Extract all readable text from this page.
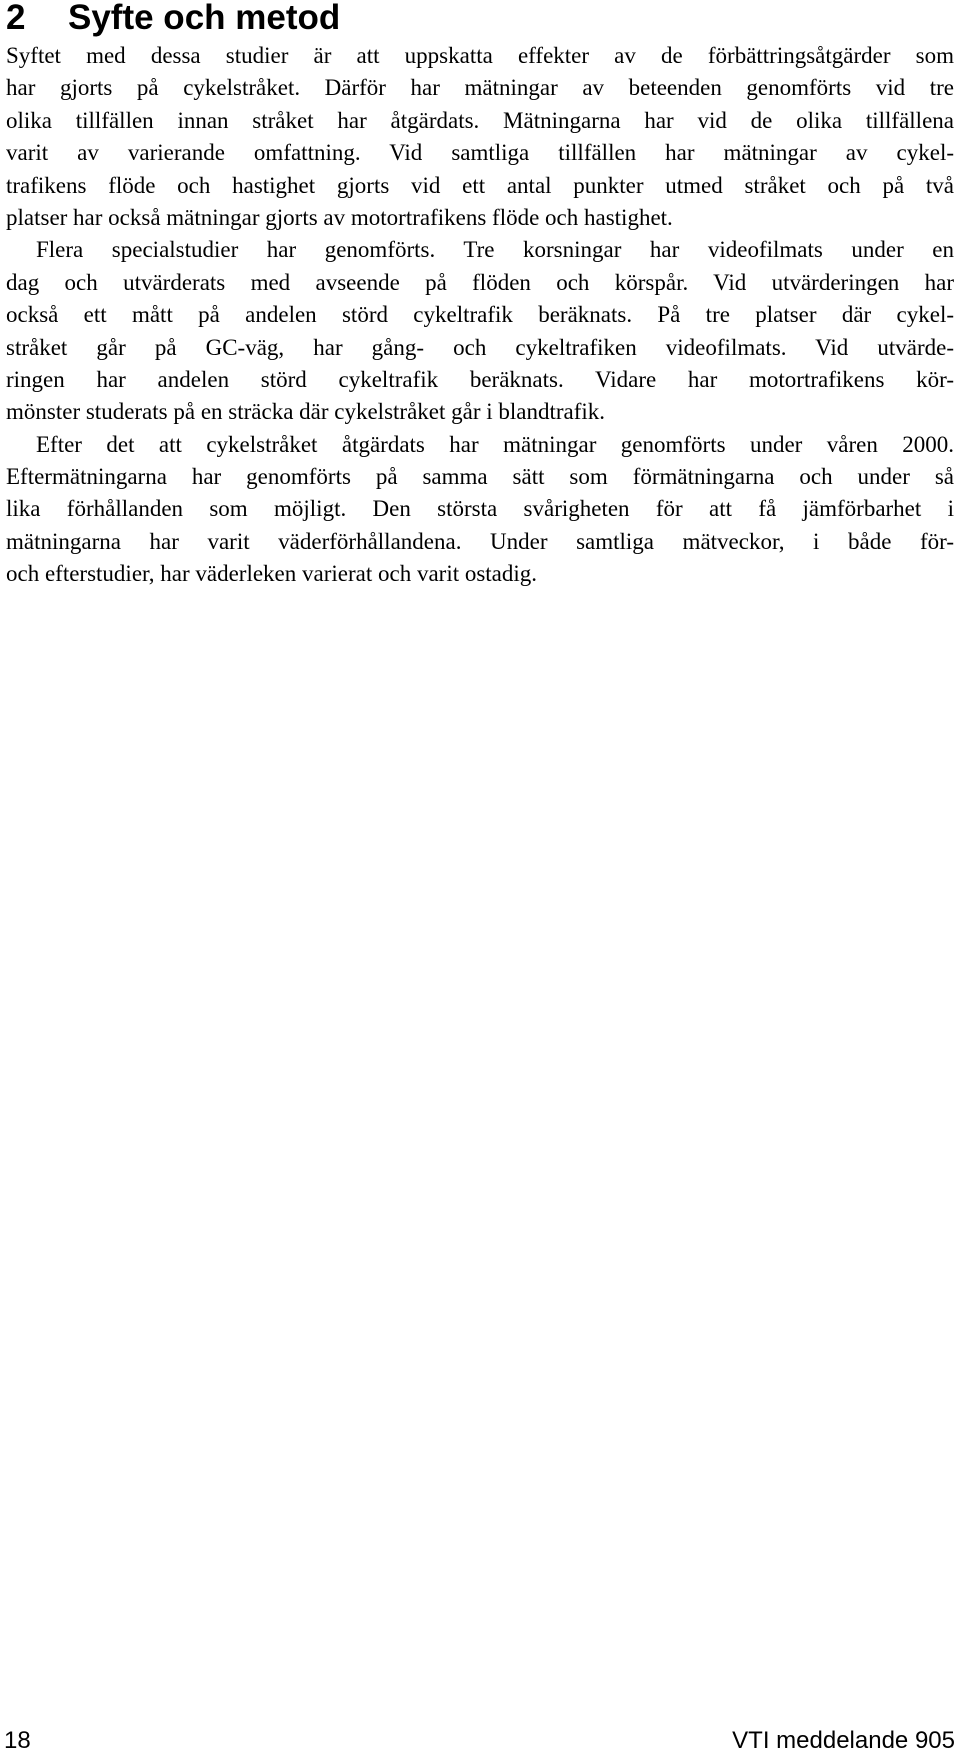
2 Syfte och metod
Syftet med dessa studier är att uppskatta effekter av de förbättringsåtgärder som
har gjorts på cykelstråket. Därför har mätningar av beteenden genomförts vid tre
olika tillfällen innan stråket har åtgärdats. Mätningarna har vid de olika tillfällena
varit av varierande omfattning. Vid samtliga tillfällen har mätningar av cykel-
trafikens flöde och hastighet gjorts vid ett antal punkter utmed stråket och på två
platser har också mätningar gjorts av motortrafikens flöde och hastighet.
Flera specialstudier har genomförts. Tre korsningar har videofilmats under en
dag och utvärderats med avseende på flöden och körspår. Vid utvärderingen har
också ett mått på andelen störd cykeltrafik beräknats. På tre platser där cykel-
stråket går på GC-väg, har gång- och cykeltrafiken videofilmats. Vid utvärde-
ringen har andelen störd cykeltrafik beräknats. Vidare har motortrafikens kör-
mönster studerats på en sträcka där cykelstråket går i blandtrafik.
Efter det att cykelstråket åtgärdats har mätningar genomförts under våren 2000.
Eftermätningarna har genomförts på samma sätt som förmätningarna och under så
lika förhållanden som möjligt. Den största svårigheten för att få jämförbarhet i
mätningarna har varit väderförhållandena. Under samtliga mätveckor, i både för-
och efterstudier, har väderleken varierat och varit ostadig.
18	VTI meddelande 905
